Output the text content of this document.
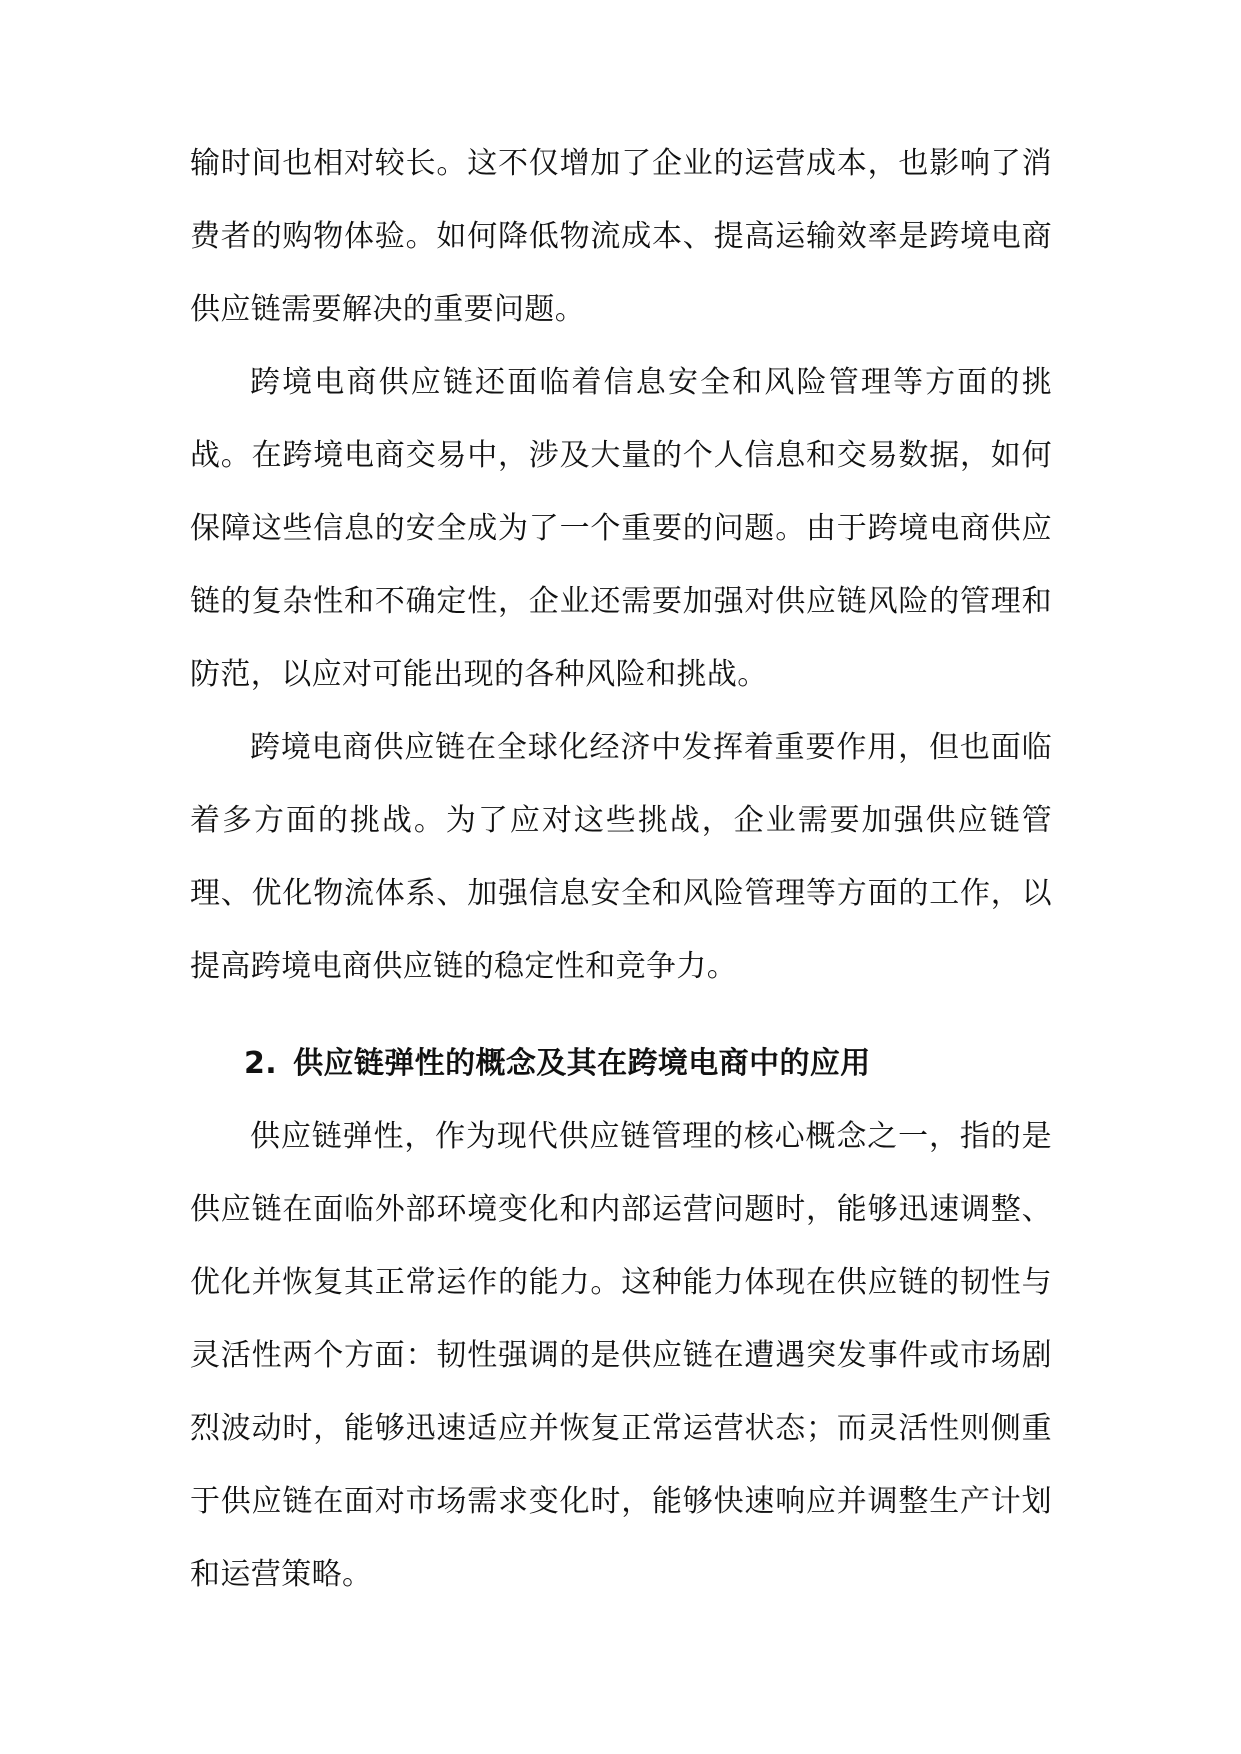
输时间也相对较长。这不仅增加了企业的运营成本，也影响了消费者的购物体验。如何降低物流成本、提高运输效率是跨境电商供应链需要解决的重要问题。

跨境电商供应链还面临着信息安全和风险管理等方面的挑战。在跨境电商交易中，涉及大量的个人信息和交易数据，如何保障这些信息的安全成为了一个重要的问题。由于跨境电商供应链的复杂性和不确定性，企业还需要加强对供应链风险的管理和防范，以应对可能出现的各种风险和挑战。

跨境电商供应链在全球化经济中发挥着重要作用，但也面临着多方面的挑战。为了应对这些挑战，企业需要加强供应链管理、优化物流体系、加强信息安全和风险管理等方面的工作，以提高跨境电商供应链的稳定性和竞争力。

2. 供应链弹性的概念及其在跨境电商中的应用

供应链弹性，作为现代供应链管理的核心概念之一，指的是供应链在面临外部环境变化和内部运营问题时，能够迅速调整、优化并恢复其正常运作的能力。这种能力体现在供应链的韧性与灵活性两个方面：韧性强调的是供应链在遭遇突发事件或市场剧烈波动时，能够迅速适应并恢复正常运营状态；而灵活性则侧重于供应链在面对市场需求变化时，能够快速响应并调整生产计划和运营策略。
